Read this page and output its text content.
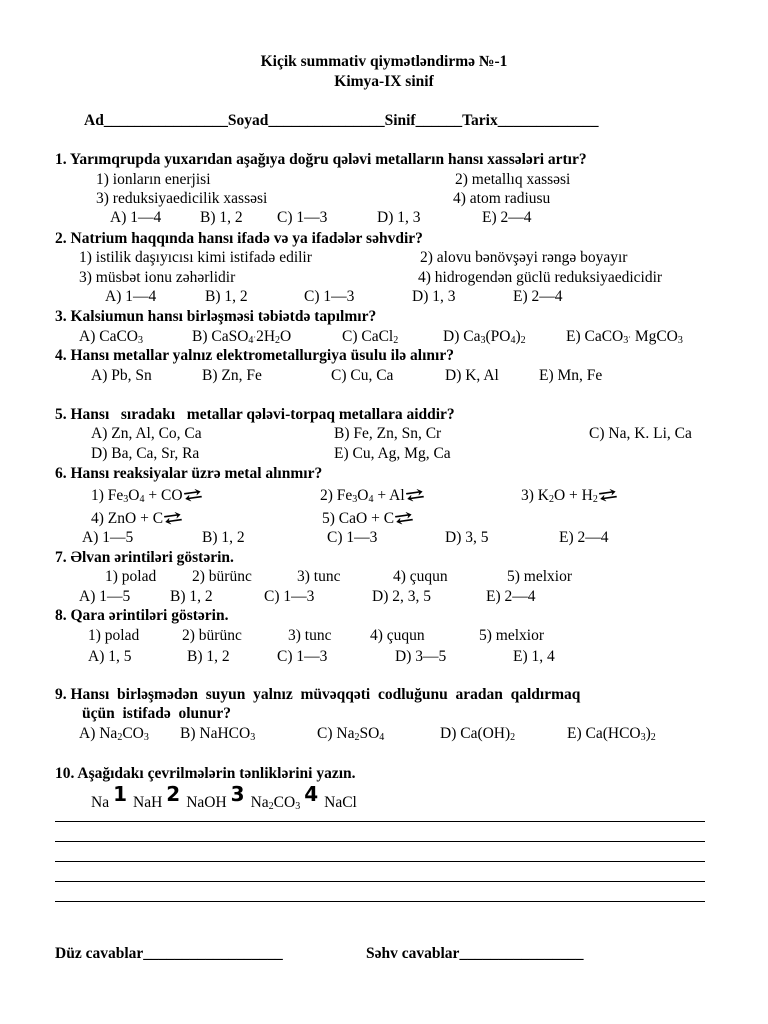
Kiçik summativ qiymətləndirmə №-1
Kimya-IX sinif
Ad________________Soyad_______________Sinif______Tarix_____________
1. Yarımqrupda yuxarıdan aşağıya doğru qələvi metalların hansı xassələri artır?
1) ionların enerjisi	2) metallıq xassəsi
3) reduksiyaedicilik xassəsi	4) atom radiusu
A) 1—4	B) 1, 2 C) 1—3	D) 1, 3	E) 2—4
2. Natrium haqqında hansı ifadə və ya ifadələr səhvdir?
1) istilik daşıyıcısı kimi istifadə edilir	2) alovu bənövşəyi rəngə boyayır
3) müsbət ionu zəhərlidir	4) hidrogendən güclü reduksiyaedicidir
A) 1—4	B) 1, 2	C) 1—3	D) 1, 3	E) 2—4
3. Kalsiumun hansı birləşməsi təbiətdə tapılmır?
A) CaCO$_3$	B) $CaSO_4\cdot 2H_2O$	C) CaCl$_2$	D) $Ca_3(PO_4)_2$	E) CaCO$_3$· MgCO$_3$
4. Hansı metallar yalnız elektrometallurgiya üsulu ilə alınır?
A) Pb, Sn	B) Zn, Fe	C) Cu, Ca	D) K, Al	E) Mn, Fe
5. Hansı   sıradakı   metallar qələvi-torpaq metallara aiddir?
A) Zn, Al, Co, Ca	B) Fe, Zn, Sn, Cr	C) Na, K. Li, Ca
D) Ba, Ca, Sr, Ra	E) Cu, Ag, Mg, Ca
6. Hansı reaksiyalar üzrə metal alınmır?
1) $Fe_3O_4$ + CO⇄	2) $Fe_3O_4$ + Al⇄	3) $K_2O$ + $H_2⇄$
4) ZnO + C⇄	5) CaO + C⇄
A) 1—5	B) 1, 2	C) 1—3	D) 3, 5	E) 2—4
7. Əlvan ərintiləri göstərin.
1) polad 2) bürünc	3) tunc	4) çuqun	5) melxior
A) 1—5	B) 1, 2	C) 1—3	D) 2, 3, 5	E) 2—4
8. Qara ərintiləri göstərin.
1) polad	2) bürünc	3) tunc 4) çuqun	5) melxior
A) 1, 5	B) 1, 2	C) 1—3	D) 3—5	E) 1, 4
9. Hansı  birləşmədən  suyun  yalnız  müvəqqəti  codluğunu  aradan  qaldırmaq
üçün  istifadə  olunur?
A) $Na_2CO_3$ B) NaHCO$_3$	C) $Na_2SO_4$	D) $Ca(OH)_2$	E) $Ca(HCO_3)_2$
10. Aşağıdakı çevrilmələrin tənliklərini yazın.
Na 1 NaH 2 NaOH 3 $Na_2CO_34$ NaCl
Düz cavablar__________________	Səhv cavablar________________
